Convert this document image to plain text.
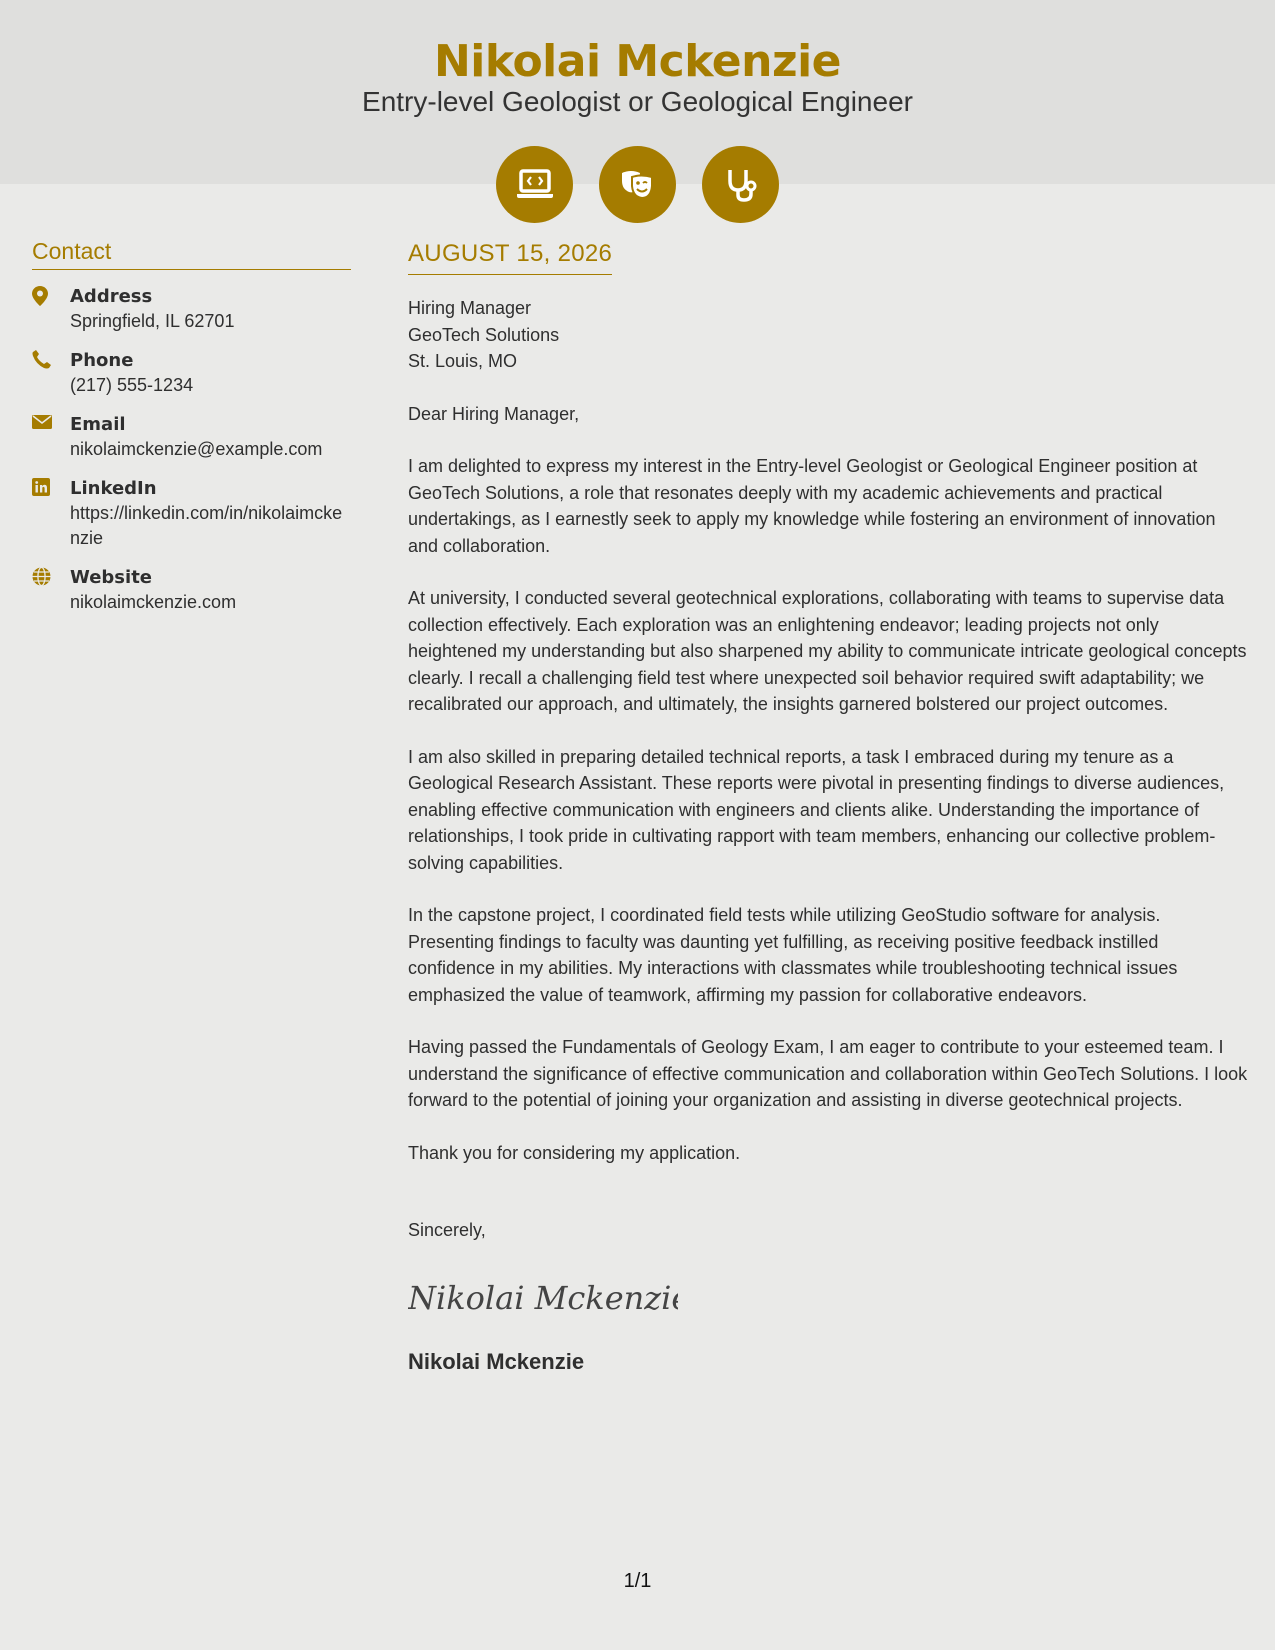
Nikolai Mckenzie
Entry-level Geologist or Geological Engineer
Contact
Address
Springfield, IL 62701
Phone
(217) 555-1234
Email
nikolaimckenzie@example.com
LinkedIn
https://linkedin.com/in/nikolaimckenzie
Website
nikolaimckenzie.com
AUGUST 15, 2026
Hiring Manager
GeoTech Solutions
St. Louis, MO

Dear Hiring Manager,

I am delighted to express my interest in the Entry-level Geologist or Geological Engineer position at GeoTech Solutions, a role that resonates deeply with my academic achievements and practical undertakings, as I earnestly seek to apply my knowledge while fostering an environment of innovation and collaboration.

At university, I conducted several geotechnical explorations, collaborating with teams to supervise data collection effectively. Each exploration was an enlightening endeavor; leading projects not only heightened my understanding but also sharpened my ability to communicate intricate geological concepts clearly. I recall a challenging field test where unexpected soil behavior required swift adaptability; we recalibrated our approach, and ultimately, the insights garnered bolstered our project outcomes.

I am also skilled in preparing detailed technical reports, a task I embraced during my tenure as a Geological Research Assistant. These reports were pivotal in presenting findings to diverse audiences, enabling effective communication with engineers and clients alike. Understanding the importance of relationships, I took pride in cultivating rapport with team members, enhancing our collective problem-solving capabilities.

In the capstone project, I coordinated field tests while utilizing GeoStudio software for analysis. Presenting findings to faculty was daunting yet fulfilling, as receiving positive feedback instilled confidence in my abilities. My interactions with classmates while troubleshooting technical issues emphasized the value of teamwork, affirming my passion for collaborative endeavors.

Having passed the Fundamentals of Geology Exam, I am eager to contribute to your esteemed team. I understand the significance of effective communication and collaboration within GeoTech Solutions. I look forward to the potential of joining your organization and assisting in diverse geotechnical projects.

Thank you for considering my application.

Sincerely,
Nikolai Mckenzie
Nikolai Mckenzie
1/1
